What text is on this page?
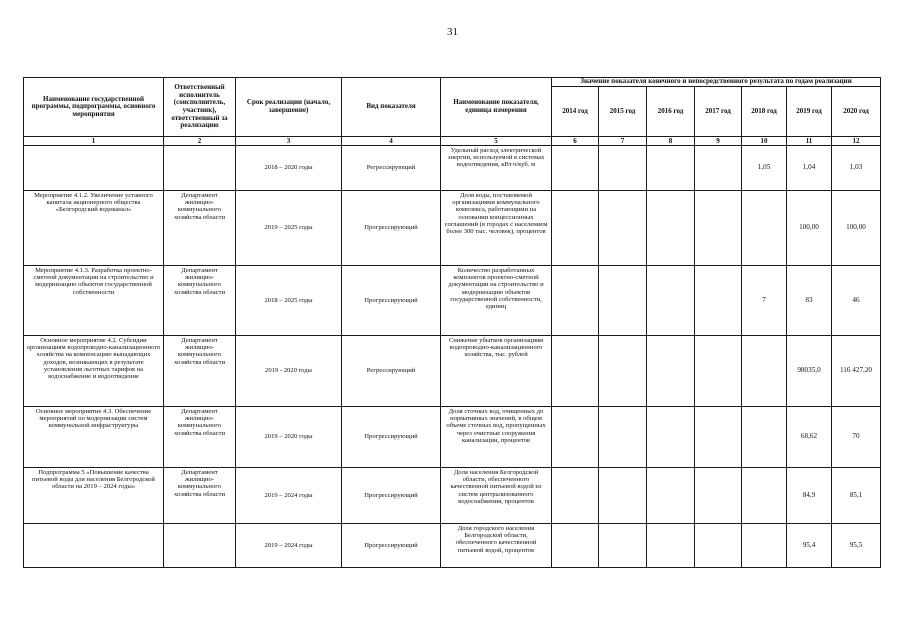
31
Наименование государственной программы, подпрограммы, основного мероприятия	Ответственный исполнитель (соисполнитель, участник), ответственный за реализацию	Срок реализации (начало, завершение)	Вид показателя	Наименование показателя, единица измерения	Значение показателя конечного и непосредственного результата по годам реализации						
					2014 год	2015 год	2016 год	2017 год	2018 год	2019 год	2020 год
1	2	3	4	5	6	7	8	9	10	11	12
		2018 – 2020 годы	Регрессирующий	Удельный расход электрической энергии, используемой в системах водоотведения, кВт.ч/куб. м					1,05	1,04	1,03
Мероприятие 4.1.2. Увеличение уставного капитала акционерного общества «Белгородский водоканал»	Департамент жилищно-коммунального хозяйства области	2019 – 2025 годы	Прогрессирующий	Доля воды, поставляемой организациями коммунального комплекса, работающими на основании концессионных соглашений (в городах с населением более 300 тыс. человек), процентов						100,00	100,00
Мероприятие 4.1.3. Разработка проектно-сметной документации на строительство и модернизацию объектов государственной собственности	Департамент жилищно-коммунального хозяйства области	2018 – 2025 годы	Прогрессирующий	Количество разработанных комплектов проектно-сметной документации на строительство и модернизацию объектов государственной собственности, единиц					7	83	46
Основное мероприятие 4.2. Субсидии организациям водопроводно-канализационного хозяйства на компенсацию выпадающих доходов, возникающих в результате установления льготных тарифов на водоснабжение и водоотведение	Департамент жилищно-коммунального хозяйства области	2019 - 2020 годы	Регрессирующий	Снижение убытков организациям водопроводно-канализационного хозяйства, тыс. рублей						98035,0	116 427,20
Основное мероприятие 4.3. Обеспечение мероприятий по модернизации систем коммунальной инфраструктуры	Департамент жилищно-коммунального хозяйства области	2019 – 2020 годы	Прогрессирующий	Доля сточных вод, очищенных до нормативных значений, в общем объеме сточных вод, пропущенных через очистные сооружения канализации, процентов						68,62	70
Подпрограмма 5 «Повышение качества питьевой воды для населения Белгородской области на 2019 – 2024 годы»	Департамент жилищно-коммунального хозяйства области	2019 – 2024 годы	Прогрессирующий	Доля населения Белгородской области, обеспеченного качественной питьевой водой из систем централизованного водоснабжения, процентов						84,9	85,1
		2019 – 2024 годы	Прогрессирующий	Доля городского населения Белгородской области, обеспеченного качественной питьевой водой, процентов						95,4	95,5
